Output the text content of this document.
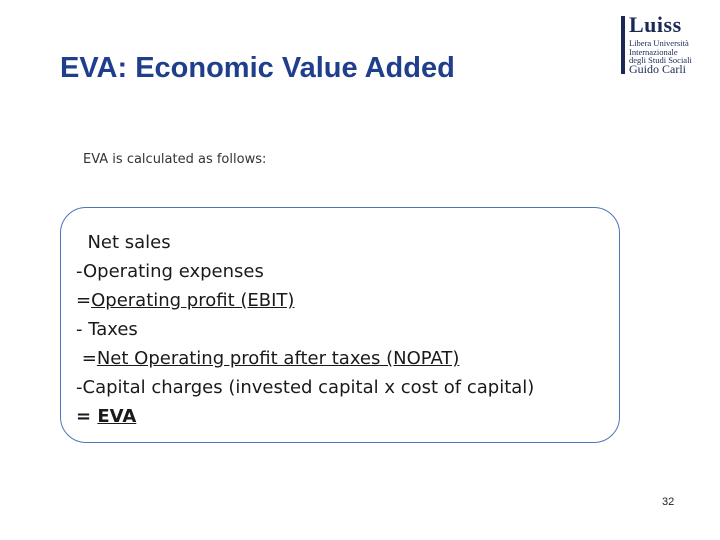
EVA: Economic Value Added
Luiss
Libera Università
Internazionale
degli Studi Sociali
Guido Carli
EVA is calculated as follows:
Net sales
-Operating expenses
=Operating profit (EBIT)
- Taxes
=Net Operating profit after taxes (NOPAT)
-Capital charges (invested capital x cost of capital)
= EVA
32
